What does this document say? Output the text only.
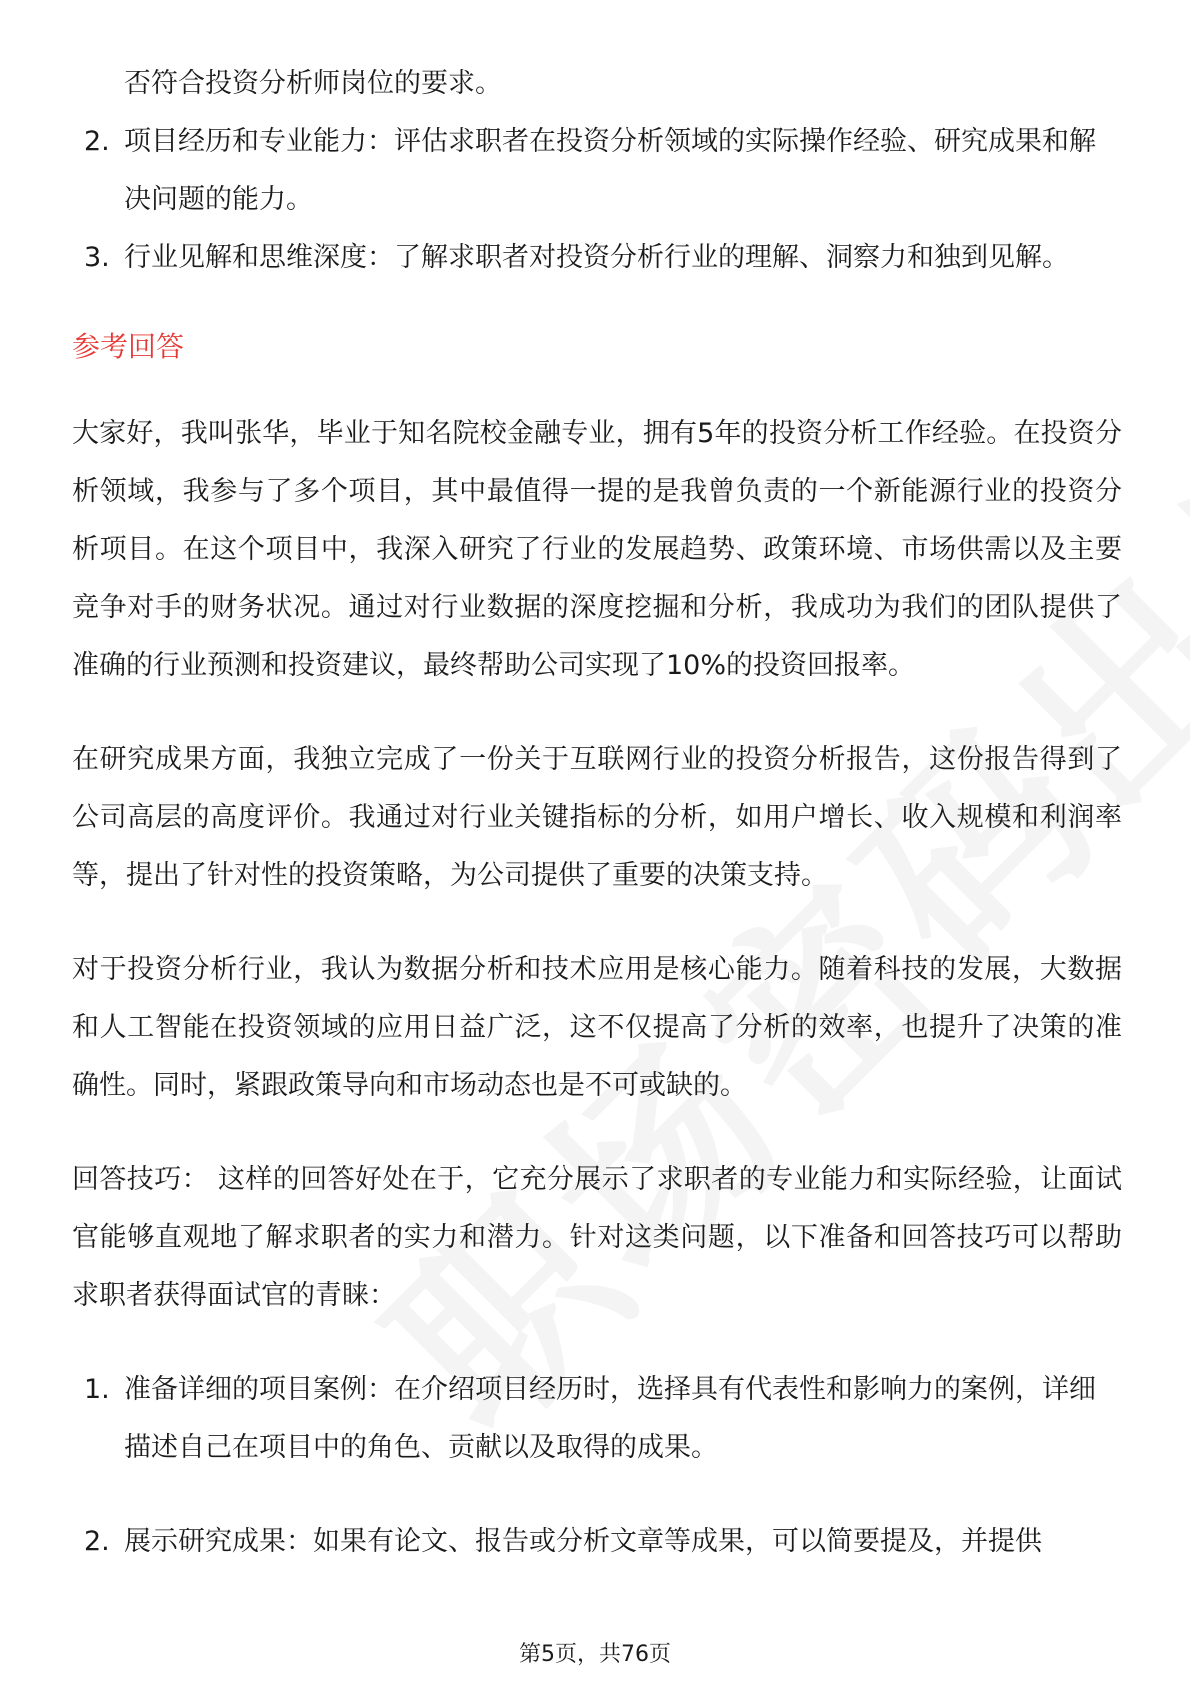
否符合投资分析师岗位的要求。
2. 项目经历和专业能力：评估求职者在投资分析领域的实际操作经验、研究成果和解决问题的能力。
3. 行业见解和思维深度：了解求职者对投资分析行业的理解、洞察力和独到见解。
参考回答

大家好，我叫张华，毕业于知名院校金融专业，拥有5年的投资分析工作经验。在投资分析领域，我参与了多个项目，其中最值得一提的是我曾负责的一个新能源行业的投资分析项目。在这个项目中，我深入研究了行业的发展趋势、政策环境、市场供需以及主要竞争对手的财务状况。通过对行业数据的深度挖掘和分析，我成功为我们的团队提供了准确的行业预测和投资建议，最终帮助公司实现了10%的投资回报率。

在研究成果方面，我独立完成了一份关于互联网行业的投资分析报告，这份报告得到了公司高层的高度评价。我通过对行业关键指标的分析，如用户增长、收入规模和利润率等，提出了针对性的投资策略，为公司提供了重要的决策支持。

对于投资分析行业，我认为数据分析和技术应用是核心能力。随着科技的发展，大数据和人工智能在投资领域的应用日益广泛，这不仅提高了分析的效率，也提升了决策的准确性。同时，紧跟政策导向和市场动态也是不可或缺的。

回答技巧： 这样的回答好处在于，它充分展示了求职者的专业能力和实际经验，让面试官能够直观地了解求职者的实力和潜力。针对这类问题，以下准备和回答技巧可以帮助求职者获得面试官的青睐：

1. 准备详细的项目案例：在介绍项目经历时，选择具有代表性和影响力的案例，详细描述自己在项目中的角色、贡献以及取得的成果。
2. 展示研究成果：如果有论文、报告或分析文章等成果，可以简要提及，并提供
第5页，共76页
